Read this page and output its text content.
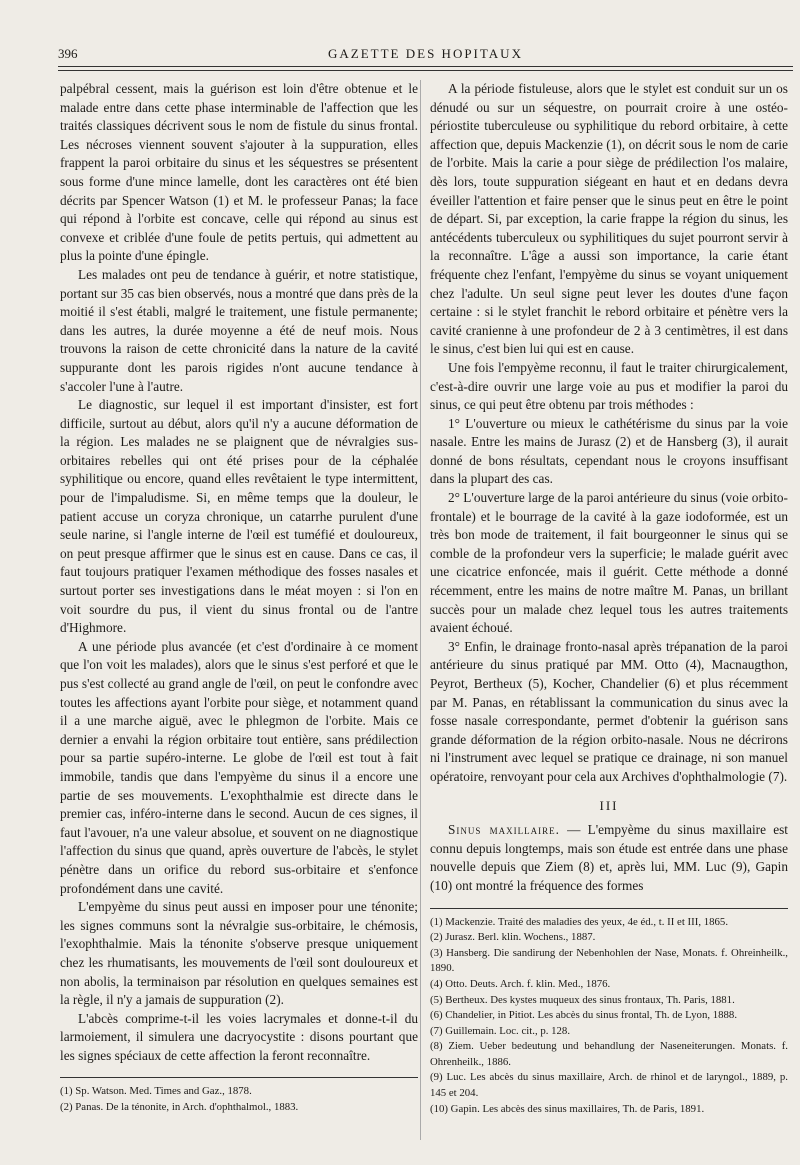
396	GAZETTE DES HOPITAUX

palpébral cessent, mais la guérison est loin d'être obtenue et le malade entre dans cette phase interminable de l'affection que les traités classiques décrivent sous le nom de fistule du sinus frontal. Les nécroses viennent souvent s'ajouter à la suppuration, elles frappent la paroi orbitaire du sinus et les séquestres se présentent sous forme d'une mince lamelle, dont les caractères ont été bien décrits par Spencer Watson (1) et M. le professeur Panas; la face qui répond à l'orbite est concave, celle qui répond au sinus est convexe et criblée d'une foule de petits pertuis, qui admettent au plus la pointe d'une épingle.

Les malades ont peu de tendance à guérir, et notre statistique, portant sur 35 cas bien observés, nous a montré que dans près de la moitié il s'est établi, malgré le traitement, une fistule permanente; dans les autres, la durée moyenne a été de neuf mois. Nous trouvons la raison de cette chronicité dans la nature de la cavité suppurante dont les parois rigides n'ont aucune tendance à s'accoler l'une à l'autre.

Le diagnostic, sur lequel il est important d'insister, est fort difficile, surtout au début, alors qu'il n'y a aucune déformation de la région. Les malades ne se plaignent que de névralgies sus-orbitaires rebelles qui ont été prises pour de la céphalée syphilitique ou encore, quand elles revêtaient le type intermittent, pour de l'impaludisme. Si, en même temps que la douleur, le patient accuse un coryza chronique, un catarrhe purulent d'une seule narine, si l'angle interne de l'œil est tuméfié et douloureux, on peut presque affirmer que le sinus est en cause. Dans ce cas, il faut toujours pratiquer l'examen méthodique des fosses nasales et surtout porter ses investigations dans le méat moyen : si l'on en voit sourdre du pus, il vient du sinus frontal ou de l'antre d'Highmore.

A une période plus avancée (et c'est d'ordinaire à ce moment que l'on voit les malades), alors que le sinus s'est perforé et que le pus s'est collecté au grand angle de l'œil, on peut le confondre avec toutes les affections ayant l'orbite pour siège, et notamment quand il a une marche aiguë, avec le phlegmon de l'orbite. Mais ce dernier a envahi la région orbitaire tout entière, sans prédilection pour sa partie supéro-interne. Le globe de l'œil est tout à fait immobile, tandis que dans l'empyème du sinus il a encore une partie de ses mouvements. L'exophthalmie est directe dans le premier cas, inféro-interne dans le second. Aucun de ces signes, il faut l'avouer, n'a une valeur absolue, et souvent on ne diagnostique l'affection du sinus que quand, après ouverture de l'abcès, le stylet pénètre dans un orifice du rebord sus-orbitaire et s'enfonce profondément dans une cavité.

L'empyème du sinus peut aussi en imposer pour une ténonite; les signes communs sont la névralgie sus-orbitaire, le chémosis, l'exophthalmie. Mais la ténonite s'observe presque uniquement chez les rhumatisants, les mouvements de l'œil sont douloureux et non abolis, la terminaison par résolution en quelques semaines est la règle, il n'y a jamais de suppuration (2).

L'abcès comprime-t-il les voies lacrymales et donne-t-il du larmoiement, il simulera une dacryocystite : disons pourtant que les signes spéciaux de cette affection la feront reconnaître.

(1) Sp. Watson. Med. Times and Gaz., 1878.

(2) Panas. De la ténonite, in Arch. d'ophthalmol., 1883.

A la période fistuleuse, alors que le stylet est conduit sur un os dénudé ou sur un séquestre, on pourrait croire à une ostéo-périostite tuberculeuse ou syphilitique du rebord orbitaire, à cette affection que, depuis Mackenzie (1), on décrit sous le nom de carie de l'orbite. Mais la carie a pour siège de prédilection l'os malaire, dès lors, toute suppuration siégeant en haut et en dedans devra éveiller l'attention et faire penser que le sinus peut en être le point de départ. Si, par exception, la carie frappe la région du sinus, les antécédents tuberculeux ou syphilitiques du sujet pourront servir à la reconnaître. L'âge a aussi son importance, la carie étant fréquente chez l'enfant, l'empyème du sinus se voyant uniquement chez l'adulte. Un seul signe peut lever les doutes d'une façon certaine : si le stylet franchit le rebord orbitaire et pénètre vers la cavité cranienne à une profondeur de 2 à 3 centimètres, il est dans le sinus, c'est bien lui qui est en cause.

Une fois l'empyème reconnu, il faut le traiter chirurgicalement, c'est-à-dire ouvrir une large voie au pus et modifier la paroi du sinus, ce qui peut être obtenu par trois méthodes :

1° L'ouverture ou mieux le cathétérisme du sinus par la voie nasale. Entre les mains de Jurasz (2) et de Hansberg (3), il aurait donné de bons résultats, cependant nous le croyons insuffisant dans la plupart des cas.

2° L'ouverture large de la paroi antérieure du sinus (voie orbito-frontale) et le bourrage de la cavité à la gaze iodoformée, est un très bon mode de traitement, il fait bourgeonner le sinus qui se comble de la profondeur vers la superficie; le malade guérit avec une cicatrice enfoncée, mais il guérit. Cette méthode a donné récemment, entre les mains de notre maître M. Panas, un brillant succès pour un malade chez lequel tous les autres traitements avaient échoué.

3° Enfin, le drainage fronto-nasal après trépanation de la paroi antérieure du sinus pratiqué par MM. Otto (4), Macnaugthon, Peyrot, Bertheux (5), Kocher, Chandelier (6) et plus récemment par M. Panas, en rétablissant la communication du sinus avec la fosse nasale correspondante, permet d'obtenir la guérison sans grande déformation de la région orbito-nasale. Nous ne décrirons ni l'instrument avec lequel se pratique ce drainage, ni son manuel opératoire, renvoyant pour cela aux Archives d'ophthalmologie (7).

III

Sinus maxillaire. — L'empyème du sinus maxillaire est connu depuis longtemps, mais son étude est entrée dans une phase nouvelle depuis que Ziem (8) et, après lui, MM. Luc (9), Gapin (10) ont montré la fréquence des formes

(1) Mackenzie. Traité des maladies des yeux, 4e éd., t. II et III, 1865.

(2) Jurasz. Berl. klin. Wochens., 1887.

(3) Hansberg. Die sandirung der Nebenhohlen der Nase, Monats. f. Ohreinheilk., 1890.

(4) Otto. Deuts. Arch. f. klin. Med., 1876.

(5) Bertheux. Des kystes muqueux des sinus frontaux, Th. Paris, 1881.

(6) Chandelier, in Pitiot. Les abcès du sinus frontal, Th. de Lyon, 1888.

(7) Guillemain. Loc. cit., p. 128.

(8) Ziem. Ueber bedeutung und behandlung der Naseneiterungen. Monats. f. Ohrenheilk., 1886.

(9) Luc. Les abcès du sinus maxillaire, Arch. de rhinol et de laryngol., 1889, p. 145 et 204.

(10) Gapin. Les abcès des sinus maxillaires, Th. de Paris, 1891.
